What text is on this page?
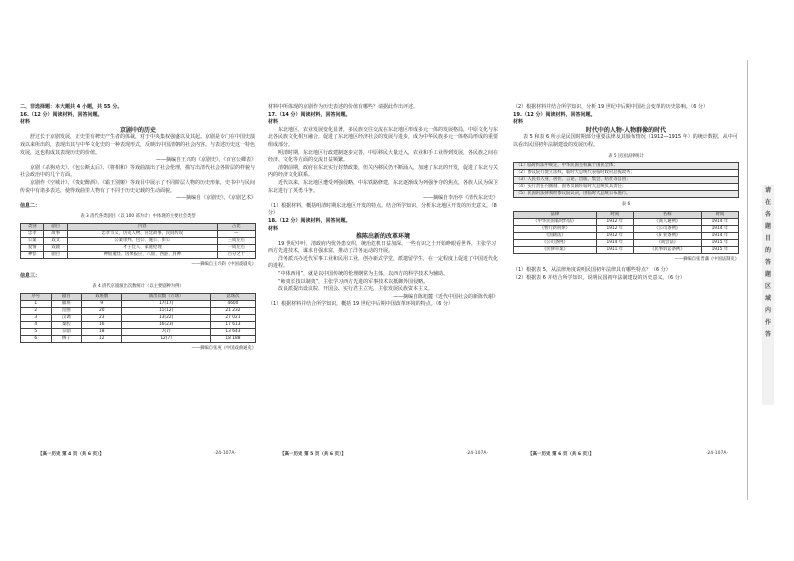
二、非选择题：本大题共 4 小题，共 55 分。

16.（12 分）阅读材料，回答问题。

材料

京剧中的历史

舒过长于京剧发展，正史里有稗史产生者的体裁，对于中央集权强盛以及其起。京剧是专门在中国史演戏以来所出的，表现出其与中华文化史的一种表现形式，反映出中国清朝的社会内容。与表述历史这一特色发展，这也构成其表现历史的价值。

——摘编自王兴昀《京剧史》，《百官公卿表》

京剧《杀狗劝夫》、《包公断太后》、《将相和》等戏曲演出了社会伦理，描写出清代社会各阶层的样貌与社会政治中的几个方面。

京剧作《空城计》、《贵妃醉酒》、《霸王别姬》等戏目中展示了不同阶层人物的历史形象，史书中与民间传说中有诸多表达，使得戏曲里人物有了不同于历史记载的生动面貌。

——摘编自《京剧史》、《京剧艺术》

信息二：

表 3 清代各类剧目（以 100 部为计）中体现的主要社会类型

类别	剧目	内容	占比
忠孝	故事	忠孝节义、历史人物、宫廷故事、民间传说	—
公案	戏文	公案审判、包公、施公、彭公	三成左右
爱情	戏剧	才子佳人、家庭伦理	一成左右
神怪	剧目	神仙鬼怪、因果报应、八仙、西游、封神	百分之十

——摘编自王兴昀《中国戏剧史》

信息三：

表 4 清代京剧演出次数统计（以主要剧种为例）

序号	剧目	戏班数	演出次数（万场）	总场次
1	徽班	9	17(17)	4600
2	昆曲	20	11(12)	21 232
3	汉调	23	13(22)	27 021
4	秦腔	16	16(23)	17 613
5	京剧	18	7(7)	13 643
6	梆子	12	12(7)	18 188

——摘编自张庚《中国戏曲通史》

【高一历史 第 4 页（共 6 页）】	·24-107A·

材料中所体现的京剧作为历史表述的价值有哪些？请据此作出评述。

17.（14 分）阅读材料，回答问题。

材料

东北地区，农业发展变化显著，多民族交往交流在东北地区形成多元一体的发展格局，中原文化与东北各民族文化相互融合，促进了东北地区经济社会的发展与进步，成为中华民族多元一体格局形成的重要组成部分。

明清时期，东北地区行政建制逐步完善，中原移民大量迁入，农业和手工业得到发展，各民族之间在经济、文化等方面的交流日益频繁。

清朝前期，政府在东北实行封禁政策，但关内移民仍不断涌入，加速了东北的开发，促进了东北与关内的经济文化联系。

近代以来，东北地区遭受列强侵略，中东铁路修建，东北逐渐成为列强争夺的焦点，各族人民为保卫东北进行了英勇斗争。

——摘编自李治亭《清代东北史》

（1）根据材料，概括明清时期东北地区开发的特点。结合所学知识，分析东北地区开发的历史意义。（8 分）

18.（12 分）阅读材料，回答问题。

材料

推陈出新的改革环境

19 世纪中叶，清政府内忧外患交织，统治危机日益加深。一些有识之士开始睁眼看世界，主张学习西方先进技术，谋求自强求富，推动了洋务运动的开展。

洋务派兴办近代军事工业和民用工业，创办新式学堂，派遣留学生，在一定程度上促进了中国近代化的进程。

“中体西用”，就是以中国传统的伦理纲常为主体，以西方的科学技术为辅助。

“师夷长技以制夷”，主张学习西方先进的军事技术以抵御外国侵略。

改良派提出设议院、开国会、实行君主立宪，主张发展民族资本主义。

——摘编自陈旭麓《近代中国社会的新陈代谢》

（1）根据材料并结合所学知识，概括 19 世纪中后期中国改革环境的特点。（6 分）

【高一历史 第 5 页（共 6 页）】	·24-107A·

（2）根据材料并结合所学知识，分析 19 世纪中后期中国社会变革的历史影响。（6 分）

19.（12 分）阅读材料，回答问题。

材料

时代中的人物·人物群像的时代

表 5 和表 6 所示是民国时期部分重要法律及其颁布情况（1912—1915 年）的统计数据，从中可以看出民国初年法制建设的发展历程。

表 5 民国法律统计

（1）临时约法中规定，中华民国主权属于国民全体；
（2）参议院行使立法权，临时大总统代表临时政府总揽政务；
（3）人民有人身、居住、言论、出版、集会、结社等自由；
（4）实行责任内阁制，国务员辅佐临时大总统负其责任；
（5）民国的法律须经参议院议决，由临时大总统公布施行。

表 6

法律	时间	名称	时间
《中华民国临时约法》	1912 年	《商人通例》	1914 年
《暂行新刑律》	1912 年	《公司条例》	1914 年
《国籍法》	1912 年	《矿业条例》	1914 年
《公司条例》	1914 年	《商会法》	1915 年
《民律草案》	1911 年	《民事诉讼条例》	1915 年

——摘编自张晋藩《中国法制史》

（1）根据表 5，从法律角度说明民国初年法律具有哪些特点？（6 分）

（2）根据表 6 并结合所学知识，说明民国初年法制建设的历史意义。（6 分）

【高一历史 第 6 页（共 6 页）】	·24-107A·
请
在
各
题
目
的
答
题
区
域
内
作
答
